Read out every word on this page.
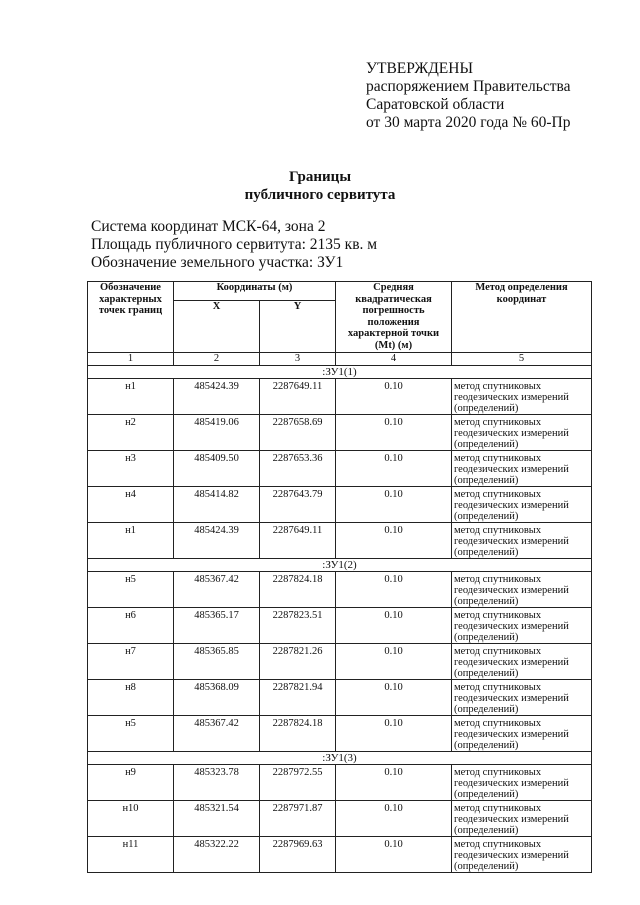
УТВЕРЖДЕНЫ
распоряжением Правительства
Саратовской области
от 30 марта 2020 года № 60-Пр
Границы
публичного сервитута
Система координат МСК-64, зона 2
Площадь публичного сервитута: 2135 кв. м
Обозначение земельного участка: ЗУ1
Обозначение характерных точек границ	Координаты (м)		Средняя квадратическая погрешность положения характерной точки (Mt) (м)	Метод определения координат
	X	Y		
1	2	3	4	5
:ЗУ1(1)				
н1	485424.39	2287649.11	0.10	метод спутниковых геодезических измерений (определений)
н2	485419.06	2287658.69	0.10	метод спутниковых геодезических измерений (определений)
н3	485409.50	2287653.36	0.10	метод спутниковых геодезических измерений (определений)
н4	485414.82	2287643.79	0.10	метод спутниковых геодезических измерений (определений)
н1	485424.39	2287649.11	0.10	метод спутниковых геодезических измерений (определений)
:ЗУ1(2)				
н5	485367.42	2287824.18	0.10	метод спутниковых геодезических измерений (определений)
н6	485365.17	2287823.51	0.10	метод спутниковых геодезических измерений (определений)
н7	485365.85	2287821.26	0.10	метод спутниковых геодезических измерений (определений)
н8	485368.09	2287821.94	0.10	метод спутниковых геодезических измерений (определений)
н5	485367.42	2287824.18	0.10	метод спутниковых геодезических измерений (определений)
:ЗУ1(3)				
н9	485323.78	2287972.55	0.10	метод спутниковых геодезических измерений (определений)
н10	485321.54	2287971.87	0.10	метод спутниковых геодезических измерений (определений)
н11	485322.22	2287969.63	0.10	метод спутниковых геодезических измерений (определений)
